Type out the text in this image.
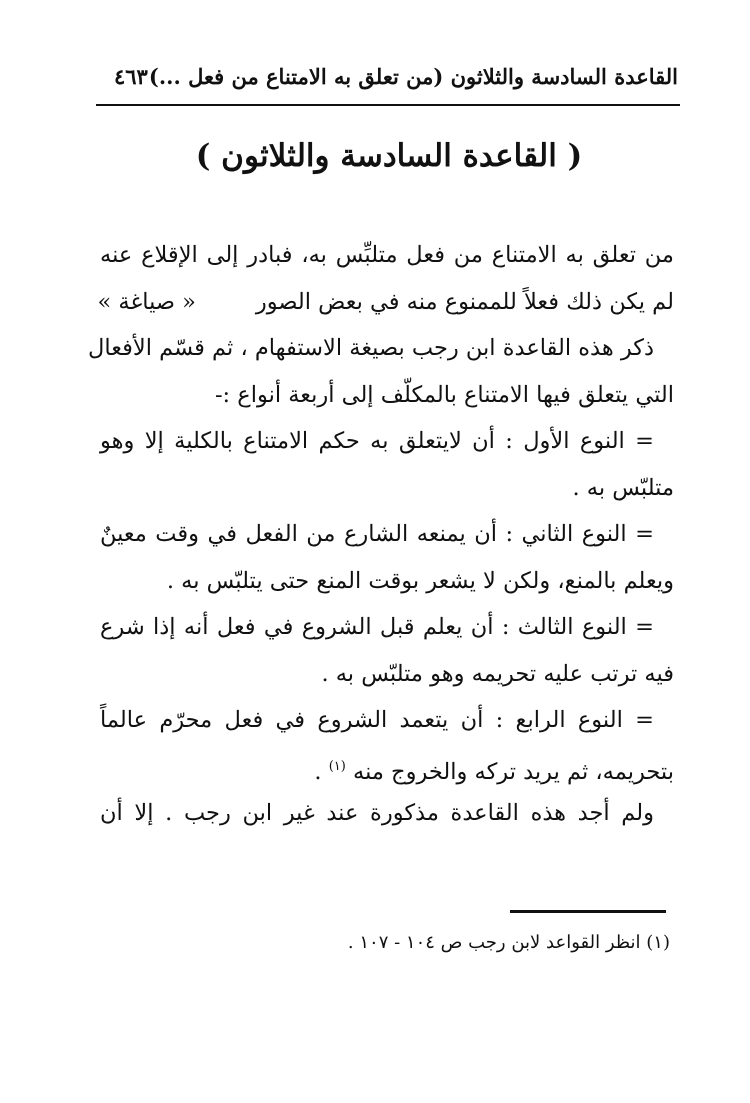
القاعدة السادسة والثلاثون (من تعلق به الامتناع من فعل ...)
٤٦٣
( القاعدة السادسة والثلاثون )
من تعلق به الامتناع من فعل متلبِّس به، فبادر إلى الإقلاع عنه
لم يكن ذلك فعلاً للممنوع منه في بعض الصور« صياغة »
ذكر هذه القاعدة ابن رجب بصيغة الاستفهام ، ثم قسّم الأفعال
التي يتعلق فيها الامتناع بالمكلّف إلى أربعة أنواع :-
= النوع الأول : أن لايتعلق به حكم الامتناع بالكلية إلا وهو
متلبّس به .
= النوع الثاني : أن يمنعه الشارع من الفعل في وقت معينٌ
ويعلم بالمنع، ولكن لا يشعر بوقت المنع حتى يتلبّس به .
= النوع الثالث : أن يعلم قبل الشروع في فعل أنه إذا شرع
فيه ترتب عليه تحريمه وهو متلبّس به .
= النوع الرابع : أن يتعمد الشروع في فعل محرّم عالماً
بتحريمه، ثم يريد تركه والخروج منه $^{(١)}$ .
ولم أجد هذه القاعدة مذكورة عند غير ابن رجب . إلا أن
(١) انظر القواعد لابن رجب ص ١٠٤ - ١٠٧ .
